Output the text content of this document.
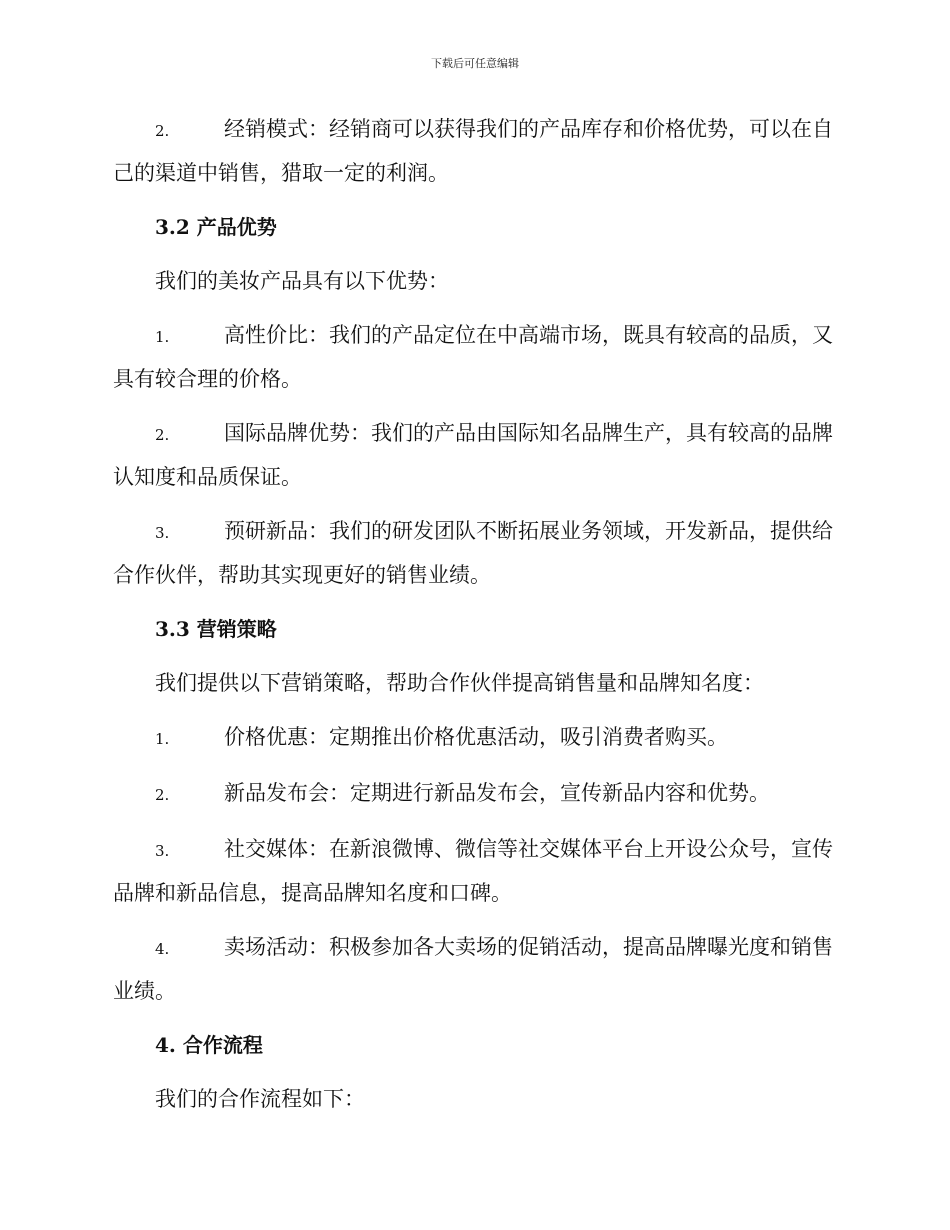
下载后可任意编辑

2.	经销模式：经销商可以获得我们的产品库存和价格优势，可以在自己的渠道中销售，猎取一定的利润。

3.2 产品优势

我们的美妆产品具有以下优势：

1.	高性价比：我们的产品定位在中高端市场，既具有较高的品质，又具有较合理的价格。

2.	国际品牌优势：我们的产品由国际知名品牌生产，具有较高的品牌认知度和品质保证。

3.	预研新品：我们的研发团队不断拓展业务领域，开发新品，提供给合作伙伴，帮助其实现更好的销售业绩。

3.3 营销策略

我们提供以下营销策略，帮助合作伙伴提高销售量和品牌知名度：

1.	价格优惠：定期推出价格优惠活动，吸引消费者购买。

2.	新品发布会：定期进行新品发布会，宣传新品内容和优势。

3.	社交媒体：在新浪微博、微信等社交媒体平台上开设公众号，宣传品牌和新品信息，提高品牌知名度和口碑。

4.	卖场活动：积极参加各大卖场的促销活动，提高品牌曝光度和销售业绩。

4. 合作流程

我们的合作流程如下：
